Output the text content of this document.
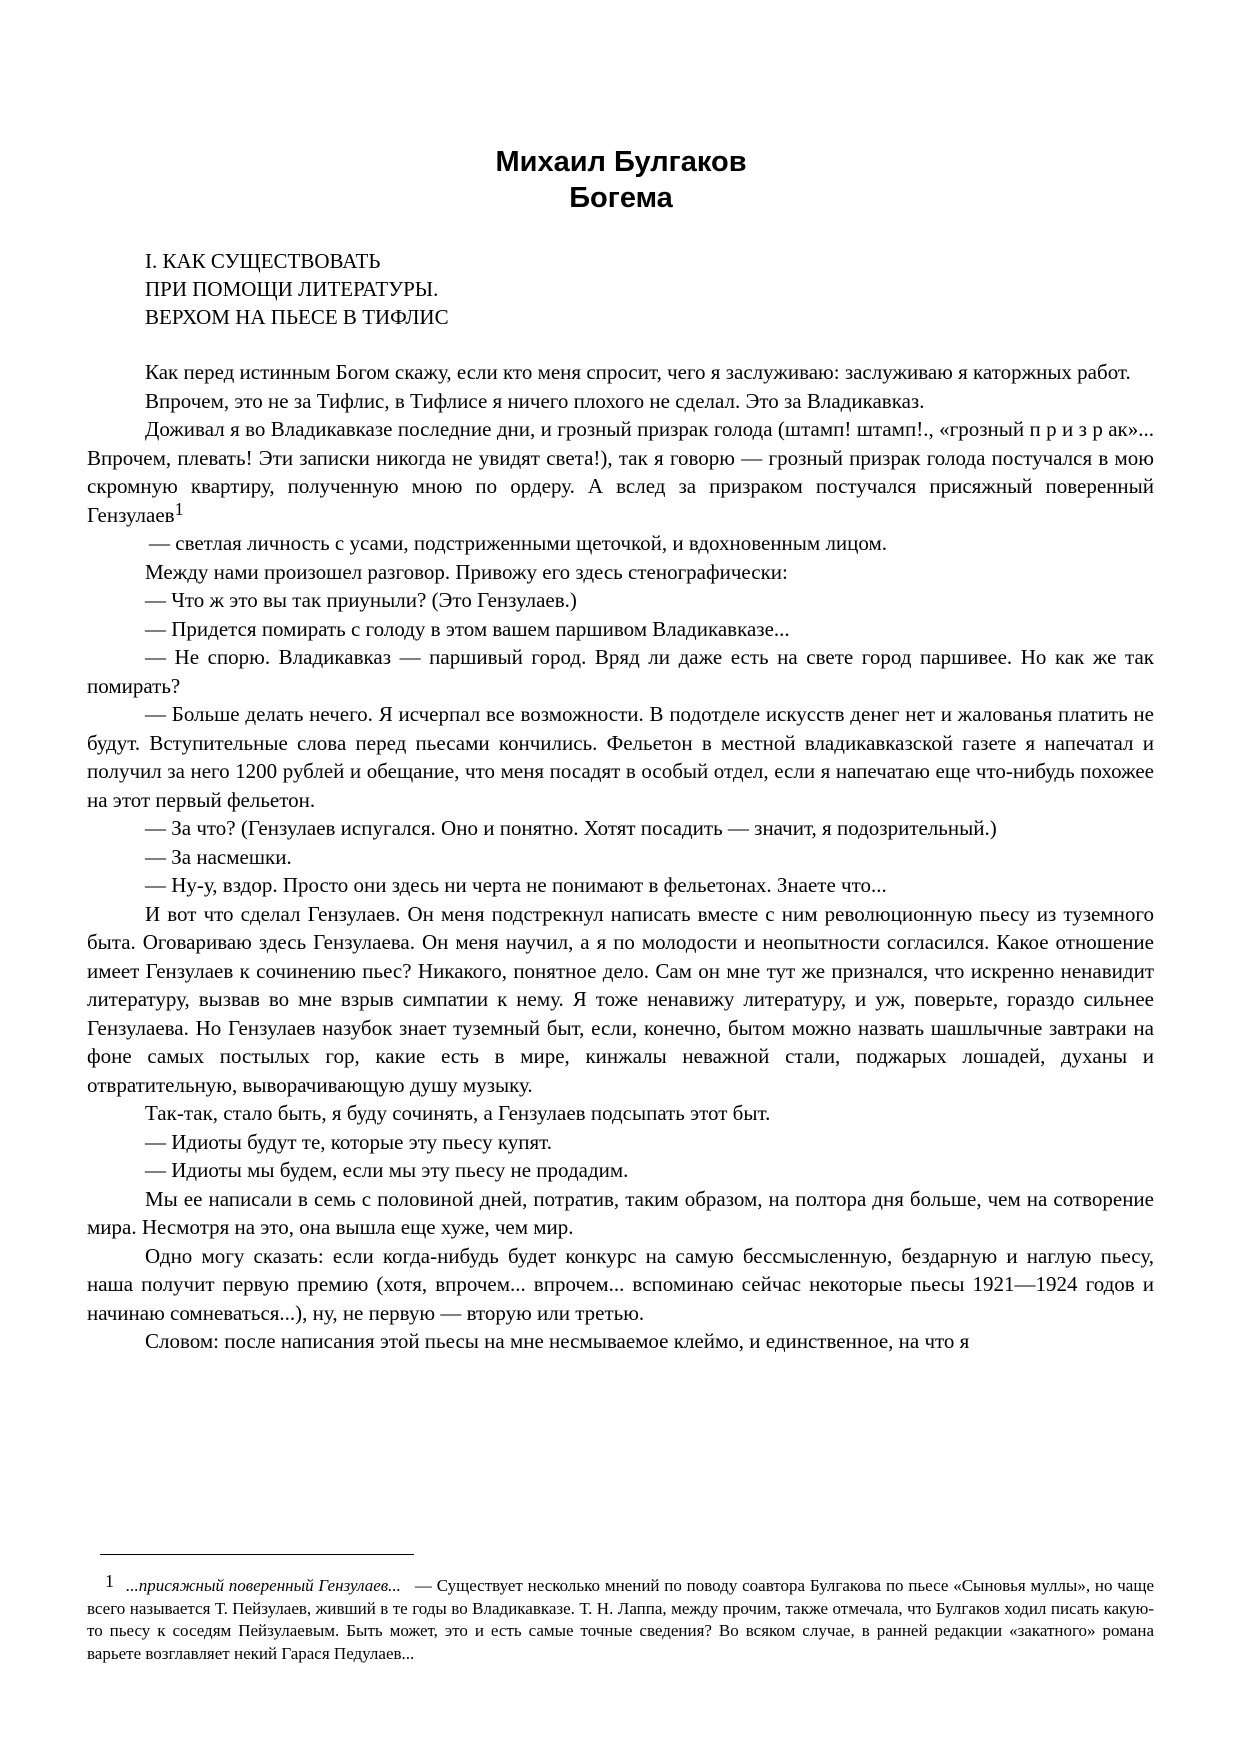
Михаил Булгаков
Богема
I. КАК СУЩЕСТВОВАТЬ
ПРИ ПОМОЩИ ЛИТЕРАТУРЫ.
ВЕРХОМ НА ПЬЕСЕ В ТИФЛИС

Как перед истинным Богом скажу, если кто меня спросит, чего я заслуживаю: заслуживаю я каторжных работ.

Впрочем, это не за Тифлис, в Тифлисе я ничего плохого не сделал. Это за Владикавказ.

Доживал я во Владикавказе последние дни, и грозный призрак голода (штамп! штамп!., «грозный п р и з р ак»... Впрочем, плевать! Эти записки никогда не увидят света!), так я говорю — грозный призрак голода постучался в мою скромную квартиру, полученную мною по ордеру. А вслед за призраком постучался присяжный поверенный Гензулаев$^1$

— светлая личность с усами, подстриженными щеточкой, и вдохновенным лицом.

Между нами произошел разговор. Привожу его здесь стенографически:

— Что ж это вы так приуныли? (Это Гензулаев.)

— Придется помирать с голоду в этом вашем паршивом Владикавказе...

— Не спорю. Владикавказ — паршивый город. Вряд ли даже есть на свете город паршивее. Но как же так помирать?

— Больше делать нечего. Я исчерпал все возможности. В подотделе искусств денег нет и жалованья платить не будут. Вступительные слова перед пьесами кончились. Фельетон в местной владикавказской газете я напечатал и получил за него 1200 рублей и обещание, что меня посадят в особый отдел, если я напечатаю еще что-нибудь похожее на этот первый фельетон.

— За что? (Гензулаев испугался. Оно и понятно. Хотят посадить — значит, я подозрительный.)

— За насмешки.

— Ну-у, вздор. Просто они здесь ни черта не понимают в фельетонах. Знаете что...

И вот что сделал Гензулаев. Он меня подстрекнул написать вместе с ним революционную пьесу из туземного быта. Оговариваю здесь Гензулаева. Он меня научил, а я по молодости и неопытности согласился. Какое отношение имеет Гензулаев к сочинению пьес? Никакого, понятное дело. Сам он мне тут же признался, что искренно ненавидит литературу, вызвав во мне взрыв симпатии к нему. Я тоже ненавижу литературу, и уж, поверьте, гораздо сильнее Гензулаева. Но Гензулаев назубок знает туземный быт, если, конечно, бытом можно назвать шашлычные завтраки на фоне самых постылых гор, какие есть в мире, кинжалы неважной стали, поджарых лошадей, духаны и отвратительную, выворачивающую душу музыку.

Так-так, стало быть, я буду сочинять, а Гензулаев подсыпать этот быт.

— Идиоты будут те, которые эту пьесу купят.

— Идиоты мы будем, если мы эту пьесу не продадим.

Мы ее написали в семь с половиной дней, потратив, таким образом, на полтора дня больше, чем на сотворение мира. Несмотря на это, она вышла еще хуже, чем мир.

Одно могу сказать: если когда-нибудь будет конкурс на самую бессмысленную, бездарную и наглую пьесу, наша получит первую премию (хотя, впрочем... впрочем... вспоминаю сейчас некоторые пьесы 1921—1924 годов и начинаю сомневаться...), ну, не первую — вторую или третью.

Словом: после написания этой пьесы на мне несмываемое клеймо, и единственное, на что я

1 ...присяжный поверенный Гензулаев... — Существует несколько мнений по поводу соавтора Булгакова по пьесе «Сыновья муллы», но чаще всего называется Т. Пейзулаев, живший в те годы во Владикавказе. Т. Н. Лаппа, между прочим, также отмечала, что Булгаков ходил писать какую-то пьесу к соседям Пейзулаевым. Быть может, это и есть самые точные сведения? Во всяком случае, в ранней редакции «закатного» романа варьете возглавляет некий Гарася Педулаев...
